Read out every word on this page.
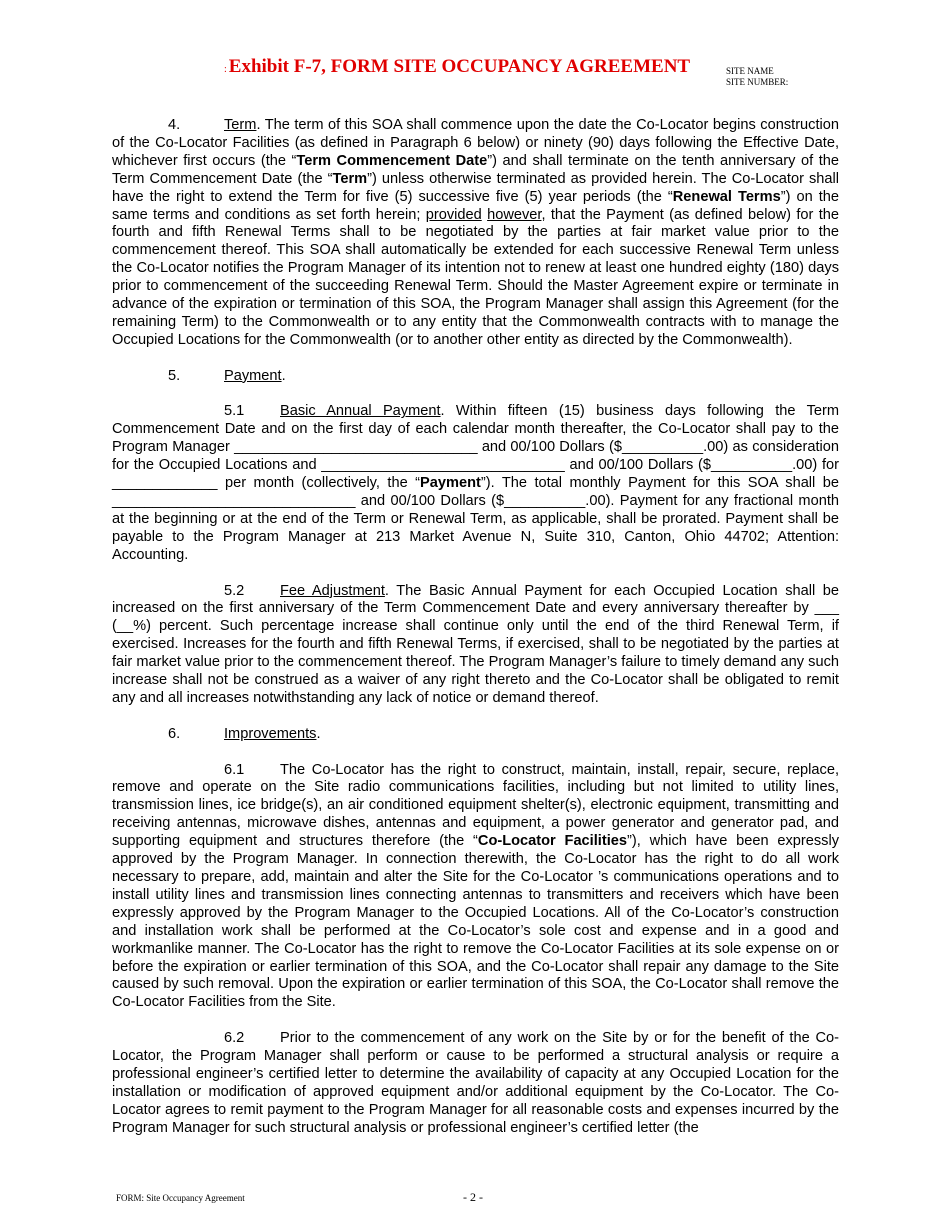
: Exhibit F-7, FORM SITE OCCUPANCY AGREEMENT	SITE NAME
SITE NUMBER:

4.	Term. The term of this SOA shall commence upon the date the Co-Locator begins construction of the Co-Locator Facilities (as defined in Paragraph 6 below) or ninety (90) days following the Effective Date, whichever first occurs (the “Term Commencement Date”) and shall terminate on the tenth anniversary of the Term Commencement Date (the “Term”) unless otherwise terminated as provided herein. The Co-Locator shall have the right to extend the Term for five (5) successive five (5) year periods (the “Renewal Terms”) on the same terms and conditions as set forth herein; provided however, that the Payment (as defined below) for the fourth and fifth Renewal Terms shall to be negotiated by the parties at fair market value prior to the commencement thereof. This SOA shall automatically be extended for each successive Renewal Term unless the Co-Locator notifies the Program Manager of its intention not to renew at least one hundred eighty (180) days prior to commencement of the succeeding Renewal Term. Should the Master Agreement expire or terminate in advance of the expiration or termination of this SOA, the Program Manager shall assign this Agreement (for the remaining Term) to the Commonwealth or to any entity that the Commonwealth contracts with to manage the Occupied Locations for the Commonwealth (or to another other entity as directed by the Commonwealth).

5.	Payment.

5.1 Basic Annual Payment. Within fifteen (15) business days following the Term Commencement Date and on the first day of each calendar month thereafter, the Co-Locator shall pay to the Program Manager ______________________________ and 00/100 Dollars ($__________.00) as consideration for the Occupied Locations and ______________________________ and 00/100 Dollars ($__________.00) for _____________ per month (collectively, the “Payment”). The total monthly Payment for this SOA shall be ______________________________ and 00/100 Dollars ($__________.00). Payment for any fractional month at the beginning or at the end of the Term or Renewal Term, as applicable, shall be prorated. Payment shall be payable to the Program Manager at 213 Market Avenue N, Suite 310, Canton, Ohio 44702; Attention: Accounting.

5.2 Fee Adjustment. The Basic Annual Payment for each Occupied Location shall be increased on the first anniversary of the Term Commencement Date and every anniversary thereafter by ___ (__%) percent. Such percentage increase shall continue only until the end of the third Renewal Term, if exercised. Increases for the fourth and fifth Renewal Terms, if exercised, shall to be negotiated by the parties at fair market value prior to the commencement thereof. The Program Manager’s failure to timely demand any such increase shall not be construed as a waiver of any right thereto and the Co-Locator shall be obligated to remit any and all increases notwithstanding any lack of notice or demand thereof.

6.	Improvements.

6.1 The Co-Locator has the right to construct, maintain, install, repair, secure, replace, remove and operate on the Site radio communications facilities, including but not limited to utility lines, transmission lines, ice bridge(s), an air conditioned equipment shelter(s), electronic equipment, transmitting and receiving antennas, microwave dishes, antennas and equipment, a power generator and generator pad, and supporting equipment and structures therefore (the “Co-Locator Facilities”), which have been expressly approved by the Program Manager. In connection therewith, the Co-Locator has the right to do all work necessary to prepare, add, maintain and alter the Site for the Co-Locator ’s communications operations and to install utility lines and transmission lines connecting antennas to transmitters and receivers which have been expressly approved by the Program Manager to the Occupied Locations. All of the Co-Locator’s construction and installation work shall be performed at the Co-Locator’s sole cost and expense and in a good and workmanlike manner. The Co-Locator has the right to remove the Co-Locator Facilities at its sole expense on or before the expiration or earlier termination of this SOA, and the Co-Locator shall repair any damage to the Site caused by such removal. Upon the expiration or earlier termination of this SOA, the Co-Locator shall remove the Co-Locator Facilities from the Site.

6.2 Prior to the commencement of any work on the Site by or for the benefit of the Co-Locator, the Program Manager shall perform or cause to be performed a structural analysis or require a professional engineer’s certified letter to determine the availability of capacity at any Occupied Location for the installation or modification of approved equipment and/or additional equipment by the Co-Locator. The Co-Locator agrees to remit payment to the Program Manager for all reasonable costs and expenses incurred by the Program Manager for such structural analysis or professional engineer’s certified letter (the

FORM: Site Occupancy Agreement	- 2 -
